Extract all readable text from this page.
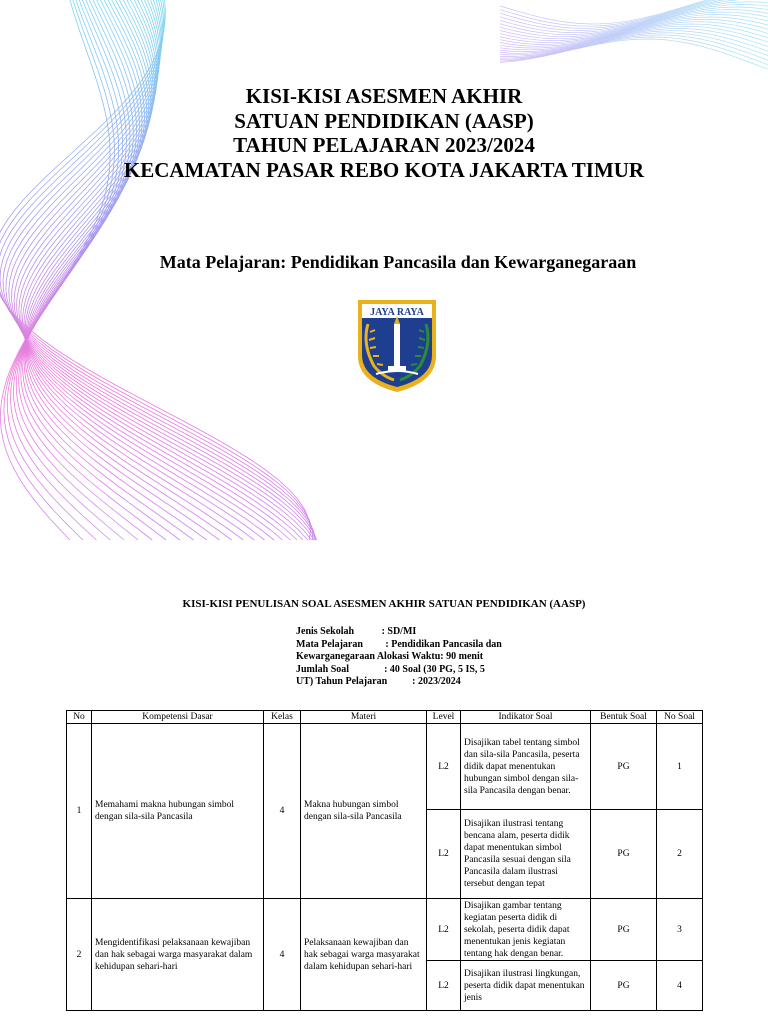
KISI-KISI ASESMEN AKHIR
SATUAN PENDIDIKAN (AASP)
TAHUN PELAJARAN 2023/2024
KECAMATAN PASAR REBO KOTA JAKARTA TIMUR
Mata Pelajaran: Pendidikan Pancasila dan Kewarganegaraan
JAYA RAYA
KISI-KISI PENULISAN SOAL ASESMEN AKHIR SATUAN PENDIDIKAN (AASP)
Jenis Sekolah           : SD/MI
Mata Pelajaran         : Pendidikan Pancasila dan
Kewarganegaraan Alokasi Waktu: 90 menit
Jumlah Soal              : 40 Soal (30 PG, 5 IS, 5
UT) Tahun Pelajaran          : 2023/2024
No	Kompetensi Dasar	Kelas	Materi	Level	Indikator Soal	Bentuk Soal	No Soal
1	Memahami makna hubungan simbol dengan sila-sila Pancasila	4	Makna hubungan simbol dengan sila-sila Pancasila	L2	Disajikan tabel tentang simbol dan sila-sila Pancasila, peserta didik dapat menentukan hubungan simbol dengan sila-sila Pancasila dengan benar.	PG	1
				L2	Disajikan ilustrasi tentang bencana alam, peserta didik dapat menentukan simbol Pancasila sesuai dengan sila Pancasila dalam ilustrasi tersebut dengan tepat	PG	2
2	Mengidentifikasi pelaksanaan kewajiban dan hak sebagai warga masyarakat dalam kehidupan sehari-hari	4	Pelaksanaan kewajiban dan hak sebagai warga masyarakat dalam kehidupan sehari-hari	L2	Disajikan gambar tentang kegiatan peserta didik di sekolah, peserta didik dapat menentukan jenis kegiatan tentang hak dengan benar.	PG	3
				L2	Disajikan ilustrasi lingkungan, peserta didik dapat menentukan jenis	PG	4
